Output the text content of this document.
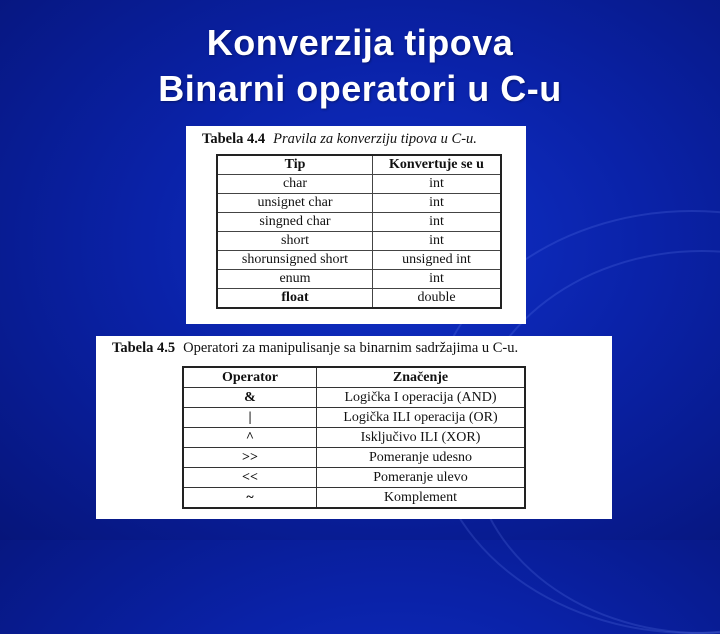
Konverzija tipova
Binarni operatori u C-u
Tabela 4.4 Pravila za konverziju tipova u C-u.
Tip	Konvertuje se u
char	int
unsignet char	int
singned char	int
short	int
shorunsigned short	unsigned int
enum	int
float	double
Tabela 4.5 Operatori za manipulisanje sa binarnim sadržajima u C-u.
Operator	Značenje
&	Logička I operacija (AND)
|	Logička ILI operacija (OR)
^	Isključivo ILI (XOR)
>>	Pomeranje udesno
<<	Pomeranje ulevo
~	Komplement
